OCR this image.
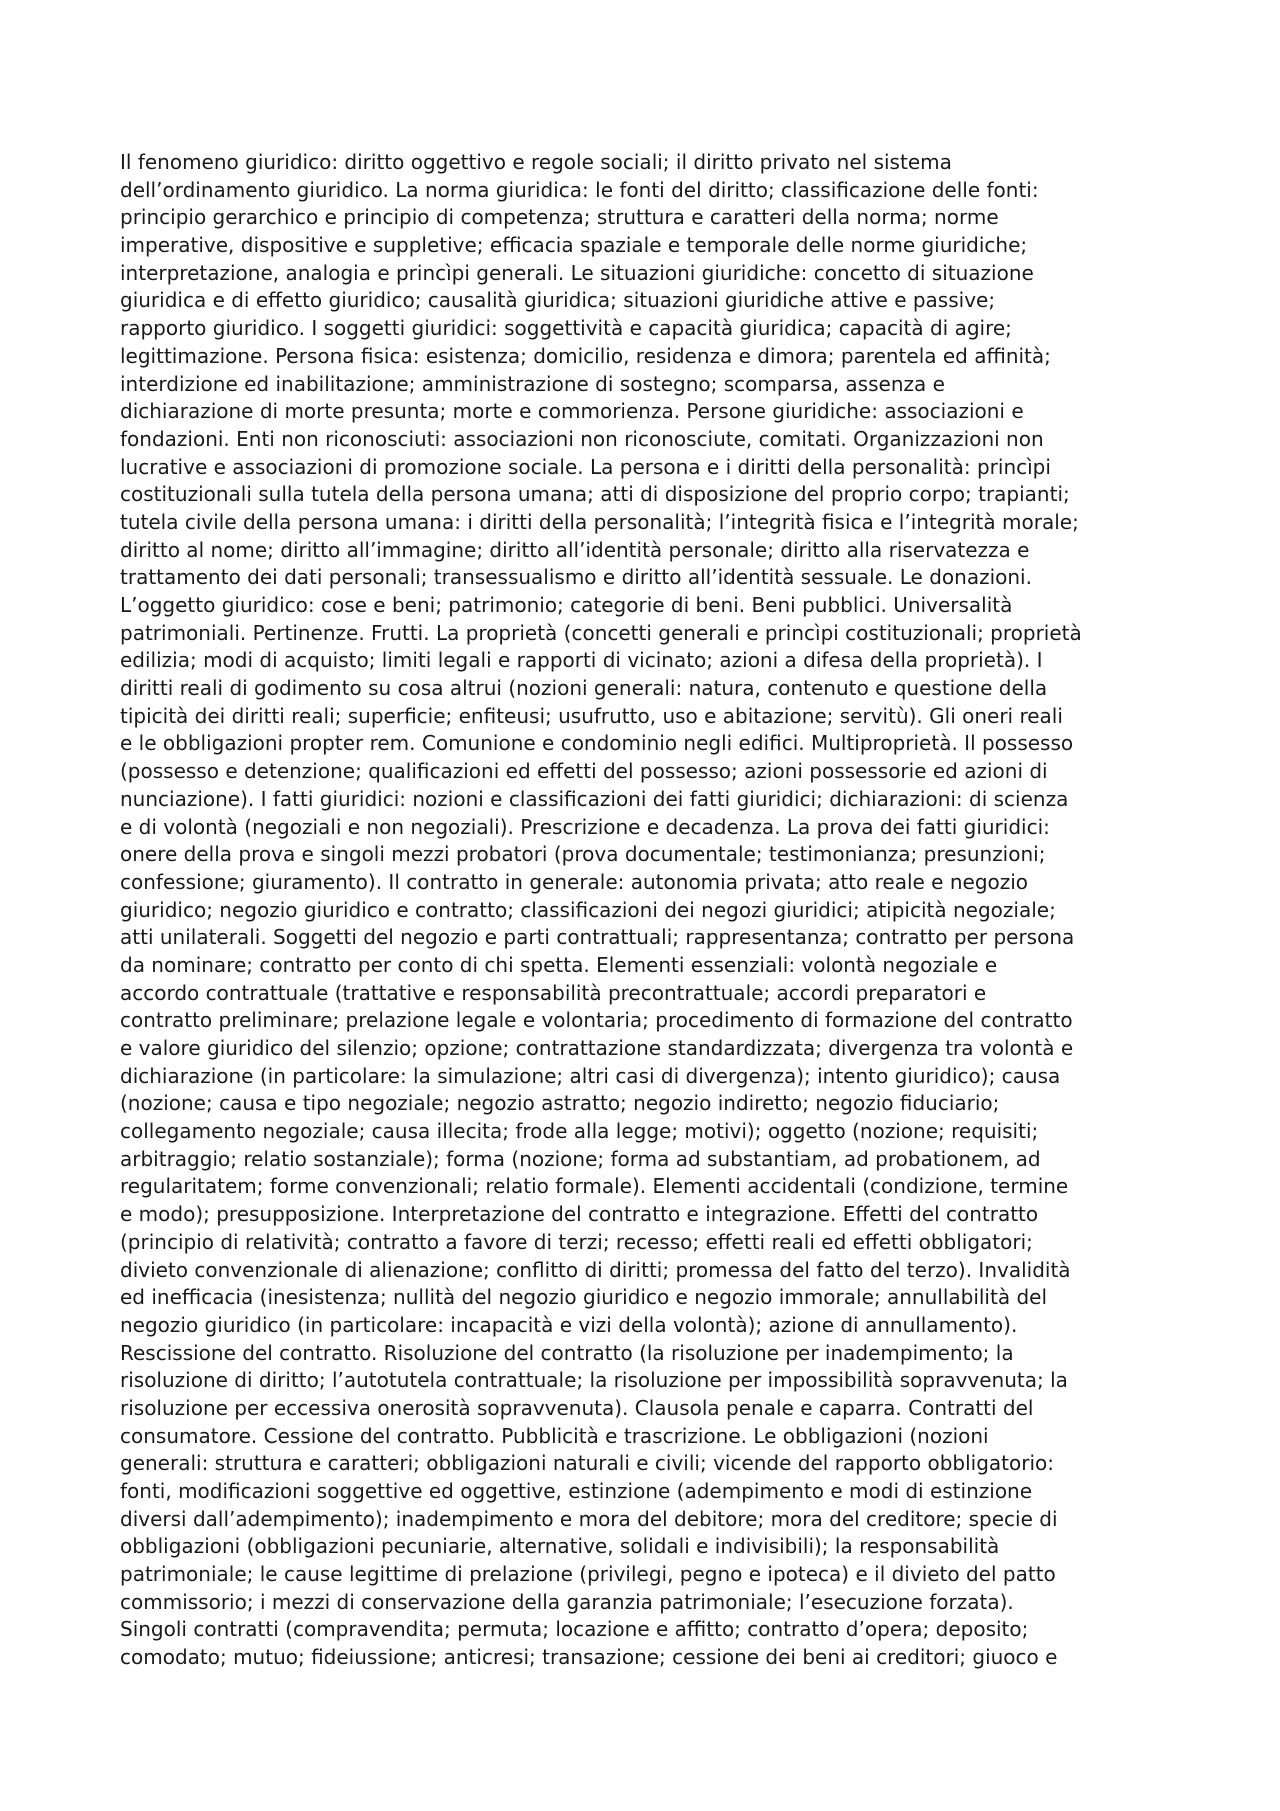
Il fenomeno giuridico: diritto oggettivo e regole sociali; il diritto privato nel sistema
dell’ordinamento giuridico. La norma giuridica: le fonti del diritto; classificazione delle fonti:
principio gerarchico e principio di competenza; struttura e caratteri della norma; norme
imperative, dispositive e suppletive; efficacia spaziale e temporale delle norme giuridiche;
interpretazione, analogia e princìpi generali. Le situazioni giuridiche: concetto di situazione
giuridica e di effetto giuridico; causalità giuridica; situazioni giuridiche attive e passive;
rapporto giuridico. I soggetti giuridici: soggettività e capacità giuridica; capacità di agire;
legittimazione. Persona fisica: esistenza; domicilio, residenza e dimora; parentela ed affinità;
interdizione ed inabilitazione; amministrazione di sostegno; scomparsa, assenza e
dichiarazione di morte presunta; morte e commorienza. Persone giuridiche: associazioni e
fondazioni. Enti non riconosciuti: associazioni non riconosciute, comitati. Organizzazioni non
lucrative e associazioni di promozione sociale. La persona e i diritti della personalità: princìpi
costituzionali sulla tutela della persona umana; atti di disposizione del proprio corpo; trapianti;
tutela civile della persona umana: i diritti della personalità; l’integrità fisica e l’integrità morale;
diritto al nome; diritto all’immagine; diritto all’identità personale; diritto alla riservatezza e
trattamento dei dati personali; transessualismo e diritto all’identità sessuale. Le donazioni.
L’oggetto giuridico: cose e beni; patrimonio; categorie di beni. Beni pubblici. Universalità
patrimoniali. Pertinenze. Frutti. La proprietà (concetti generali e princìpi costituzionali; proprietà
edilizia; modi di acquisto; limiti legali e rapporti di vicinato; azioni a difesa della proprietà). I
diritti reali di godimento su cosa altrui (nozioni generali: natura, contenuto e questione della
tipicità dei diritti reali; superficie; enfiteusi; usufrutto, uso e abitazione; servitù). Gli oneri reali
e le obbligazioni propter rem. Comunione e condominio negli edifici. Multiproprietà. Il possesso
(possesso e detenzione; qualificazioni ed effetti del possesso; azioni possessorie ed azioni di
nunciazione). I fatti giuridici: nozioni e classificazioni dei fatti giuridici; dichiarazioni: di scienza
e di volontà (negoziali e non negoziali). Prescrizione e decadenza. La prova dei fatti giuridici:
onere della prova e singoli mezzi probatori (prova documentale; testimonianza; presunzioni;
confessione; giuramento). Il contratto in generale: autonomia privata; atto reale e negozio
giuridico; negozio giuridico e contratto; classificazioni dei negozi giuridici; atipicità negoziale;
atti unilaterali. Soggetti del negozio e parti contrattuali; rappresentanza; contratto per persona
da nominare; contratto per conto di chi spetta. Elementi essenziali: volontà negoziale e
accordo contrattuale (trattative e responsabilità precontrattuale; accordi preparatori e
contratto preliminare; prelazione legale e volontaria; procedimento di formazione del contratto
e valore giuridico del silenzio; opzione; contrattazione standardizzata; divergenza tra volontà e
dichiarazione (in particolare: la simulazione; altri casi di divergenza); intento giuridico); causa
(nozione; causa e tipo negoziale; negozio astratto; negozio indiretto; negozio fiduciario;
collegamento negoziale; causa illecita; frode alla legge; motivi); oggetto (nozione; requisiti;
arbitraggio; relatio sostanziale); forma (nozione; forma ad substantiam, ad probationem, ad
regularitatem; forme convenzionali; relatio formale). Elementi accidentali (condizione, termine
e modo); presupposizione. Interpretazione del contratto e integrazione. Effetti del contratto
(principio di relatività; contratto a favore di terzi; recesso; effetti reali ed effetti obbligatori;
divieto convenzionale di alienazione; conflitto di diritti; promessa del fatto del terzo). Invalidità
ed inefficacia (inesistenza; nullità del negozio giuridico e negozio immorale; annullabilità del
negozio giuridico (in particolare: incapacità e vizi della volontà); azione di annullamento).
Rescissione del contratto. Risoluzione del contratto (la risoluzione per inadempimento; la
risoluzione di diritto; l’autotutela contrattuale; la risoluzione per impossibilità sopravvenuta; la
risoluzione per eccessiva onerosità sopravvenuta). Clausola penale e caparra. Contratti del
consumatore. Cessione del contratto. Pubblicità e trascrizione. Le obbligazioni (nozioni
generali: struttura e caratteri; obbligazioni naturali e civili; vicende del rapporto obbligatorio:
fonti, modificazioni soggettive ed oggettive, estinzione (adempimento e modi di estinzione
diversi dall’adempimento); inadempimento e mora del debitore; mora del creditore; specie di
obbligazioni (obbligazioni pecuniarie, alternative, solidali e indivisibili); la responsabilità
patrimoniale; le cause legittime di prelazione (privilegi, pegno e ipoteca) e il divieto del patto
commissorio; i mezzi di conservazione della garanzia patrimoniale; l’esecuzione forzata).
Singoli contratti (compravendita; permuta; locazione e affitto; contratto d’opera; deposito;
comodato; mutuo; fideiussione; anticresi; transazione; cessione dei beni ai creditori; giuoco e
